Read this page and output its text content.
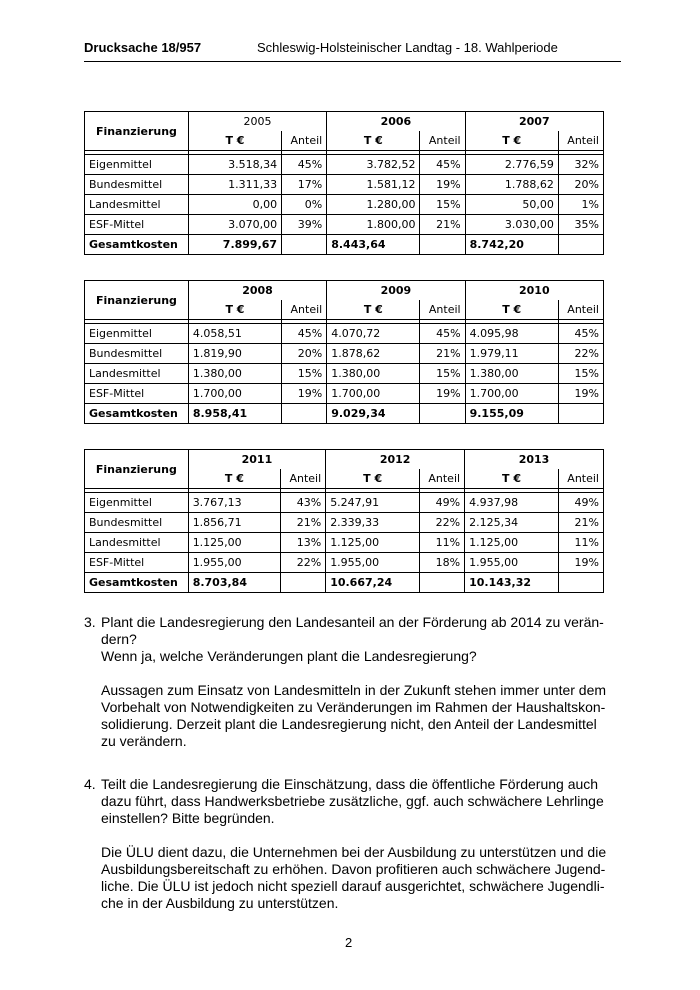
Drucksache 18/957	Schleswig-Holsteinischer Landtag - 18. Wahlperiode
Finanzierung	2005		2006		2007	
	T €	Anteil	T €	Anteil	T €	Anteil

Eigenmittel	3.518,34	45%	3.782,52	45%	2.776,59	32%
Bundesmittel	1.311,33	17%	1.581,12	19%	1.788,62	20%
Landesmittel	0,00	0%	1.280,00	15%	50,00	1%
ESF-Mittel	3.070,00	39%	1.800,00	21%	3.030,00	35%
Gesamtkosten	7.899,67		8.443,64		8.742,20	
Finanzierung	2008		2009		2010	
	T €	Anteil	T €	Anteil	T €	Anteil

Eigenmittel	4.058,51	45%	4.070,72	45%	4.095,98	45%
Bundesmittel	1.819,90	20%	1.878,62	21%	1.979,11	22%
Landesmittel	1.380,00	15%	1.380,00	15%	1.380,00	15%
ESF-Mittel	1.700,00	19%	1.700,00	19%	1.700,00	19%
Gesamtkosten	8.958,41		9.029,34		9.155,09	
Finanzierung	2011		2012		2013	
	T €	Anteil	T €	Anteil	T €	Anteil

Eigenmittel	3.767,13	43%	5.247,91	49%	4.937,98	49%
Bundesmittel	1.856,71	21%	2.339,33	22%	2.125,34	21%
Landesmittel	1.125,00	13%	1.125,00	11%	1.125,00	11%
ESF-Mittel	1.955,00	22%	1.955,00	18%	1.955,00	19%
Gesamtkosten	8.703,84		10.667,24		10.143,32	
3. Plant die Landesregierung den Landesanteil an der Förderung ab 2014 zu verän-

dern?

Wenn ja, welche Veränderungen plant die Landesregierung?

Aussagen zum Einsatz von Landesmitteln in der Zukunft stehen immer unter dem

Vorbehalt von Notwendigkeiten zu Veränderungen im Rahmen der Haushaltskon-

solidierung. Derzeit plant die Landesregierung nicht, den Anteil der Landesmittel

zu verändern.

4. Teilt die Landesregierung die Einschätzung, dass die öffentliche Förderung auch

dazu führt, dass Handwerksbetriebe zusätzliche, ggf. auch schwächere Lehrlinge

einstellen? Bitte begründen.

Die ÜLU dient dazu, die Unternehmen bei der Ausbildung zu unterstützen und die

Ausbildungsbereitschaft zu erhöhen. Davon profitieren auch schwächere Jugend-

liche. Die ÜLU ist jedoch nicht speziell darauf ausgerichtet, schwächere Jugendli-

che in der Ausbildung zu unterstützen.

2
